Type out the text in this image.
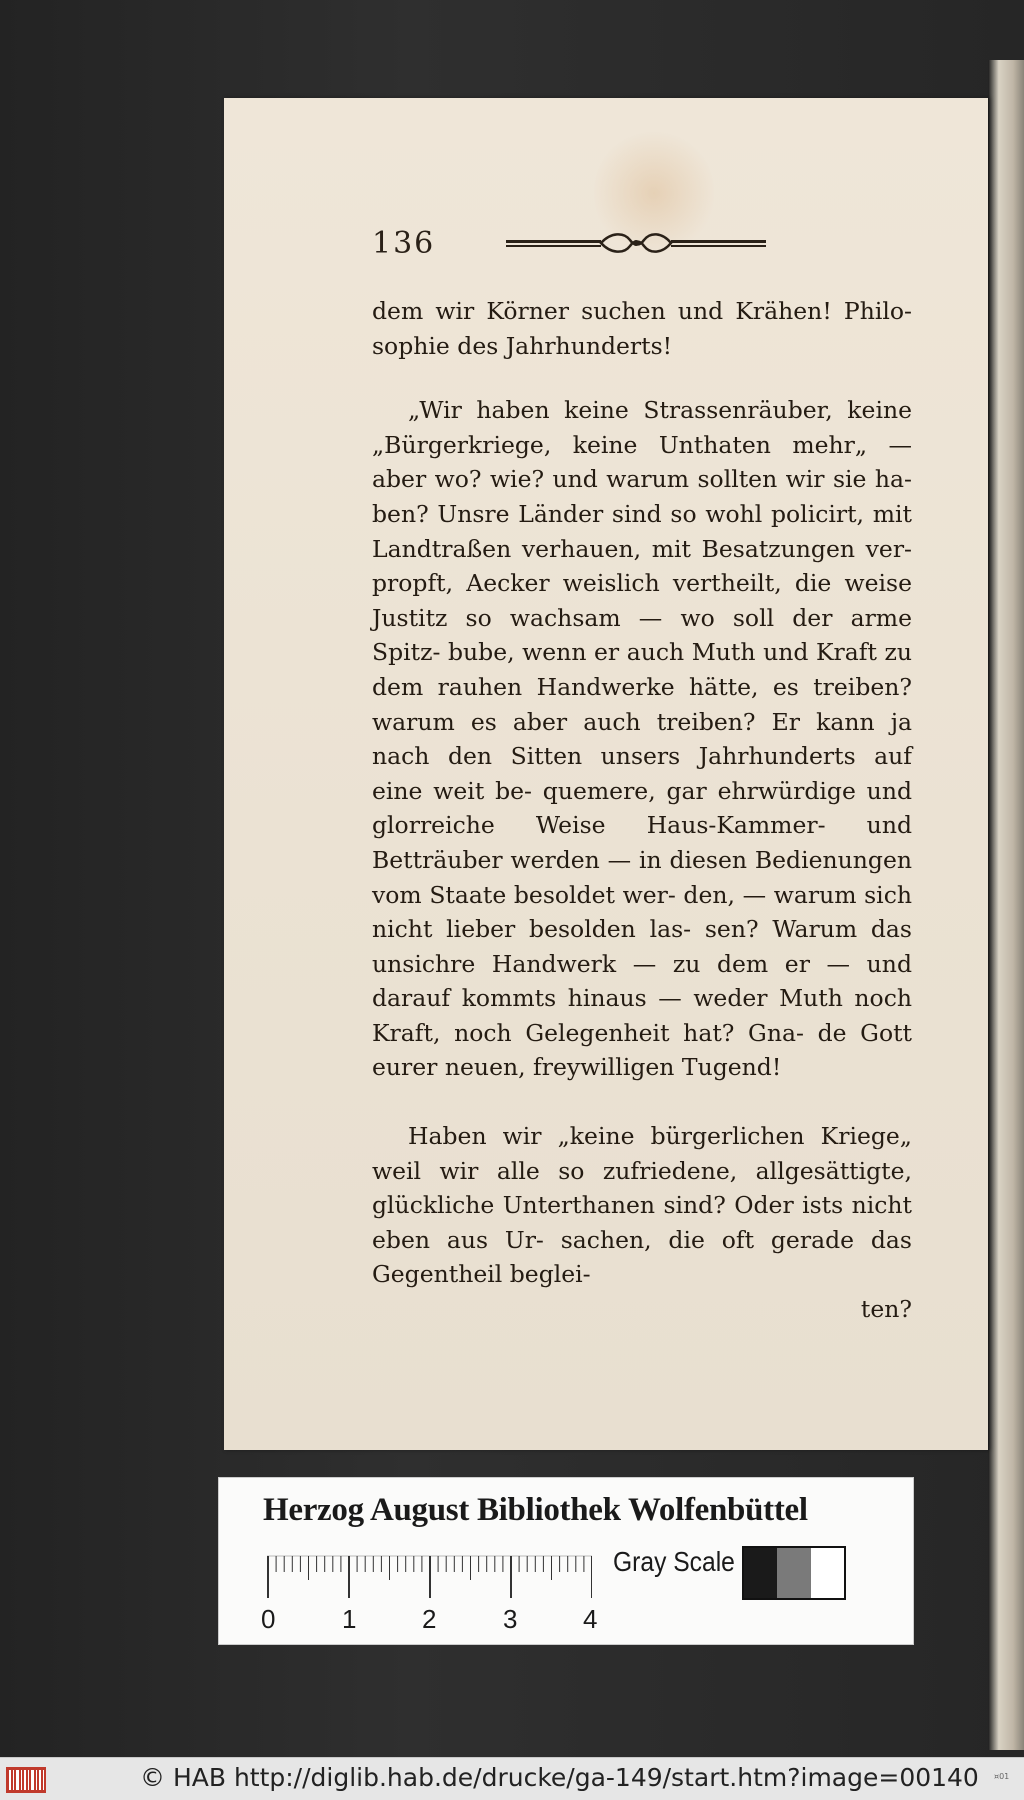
136

dem wir Körner suchen und Krähen! Philo- sophie des Jahrhunderts!

„Wir haben keine Strassenräuber, keine „Bürgerkriege, keine Unthaten mehr„ — aber wo? wie? und warum sollten wir sie ha- ben? Unsre Länder sind so wohl policirt, mit Landtraßen verhauen, mit Besatzungen ver- propft, Aecker weislich vertheilt, die weise Justitz so wachsam — wo soll der arme Spitz- bube, wenn er auch Muth und Kraft zu dem rauhen Handwerke hätte, es treiben? warum es aber auch treiben? Er kann ja nach den Sitten unsers Jahrhunderts auf eine weit be- quemere, gar ehrwürdige und glorreiche Weise Haus-Kammer- und Betträuber werden — in diesen Bedienungen vom Staate besoldet wer- den, — warum sich nicht lieber besolden las- sen? Warum das unsichre Handwerk — zu dem er — und darauf kommts hinaus — weder Muth noch Kraft, noch Gelegenheit hat? Gna- de Gott eurer neuen, freywilligen Tugend!

Haben wir „keine bürgerlichen Kriege„ weil wir alle so zufriedene, allgesättigte, glückliche Unterthanen sind? Oder ists nicht eben aus Ur- sachen, die oft gerade das Gegentheil beglei-
ten?

Herzog August Bibliothek Wolfenbüttel
0	1	2	3	4
Gray Scale
© HAB http://diglib.hab.de/drucke/ga-149/start.htm?image=00140 ¤01
